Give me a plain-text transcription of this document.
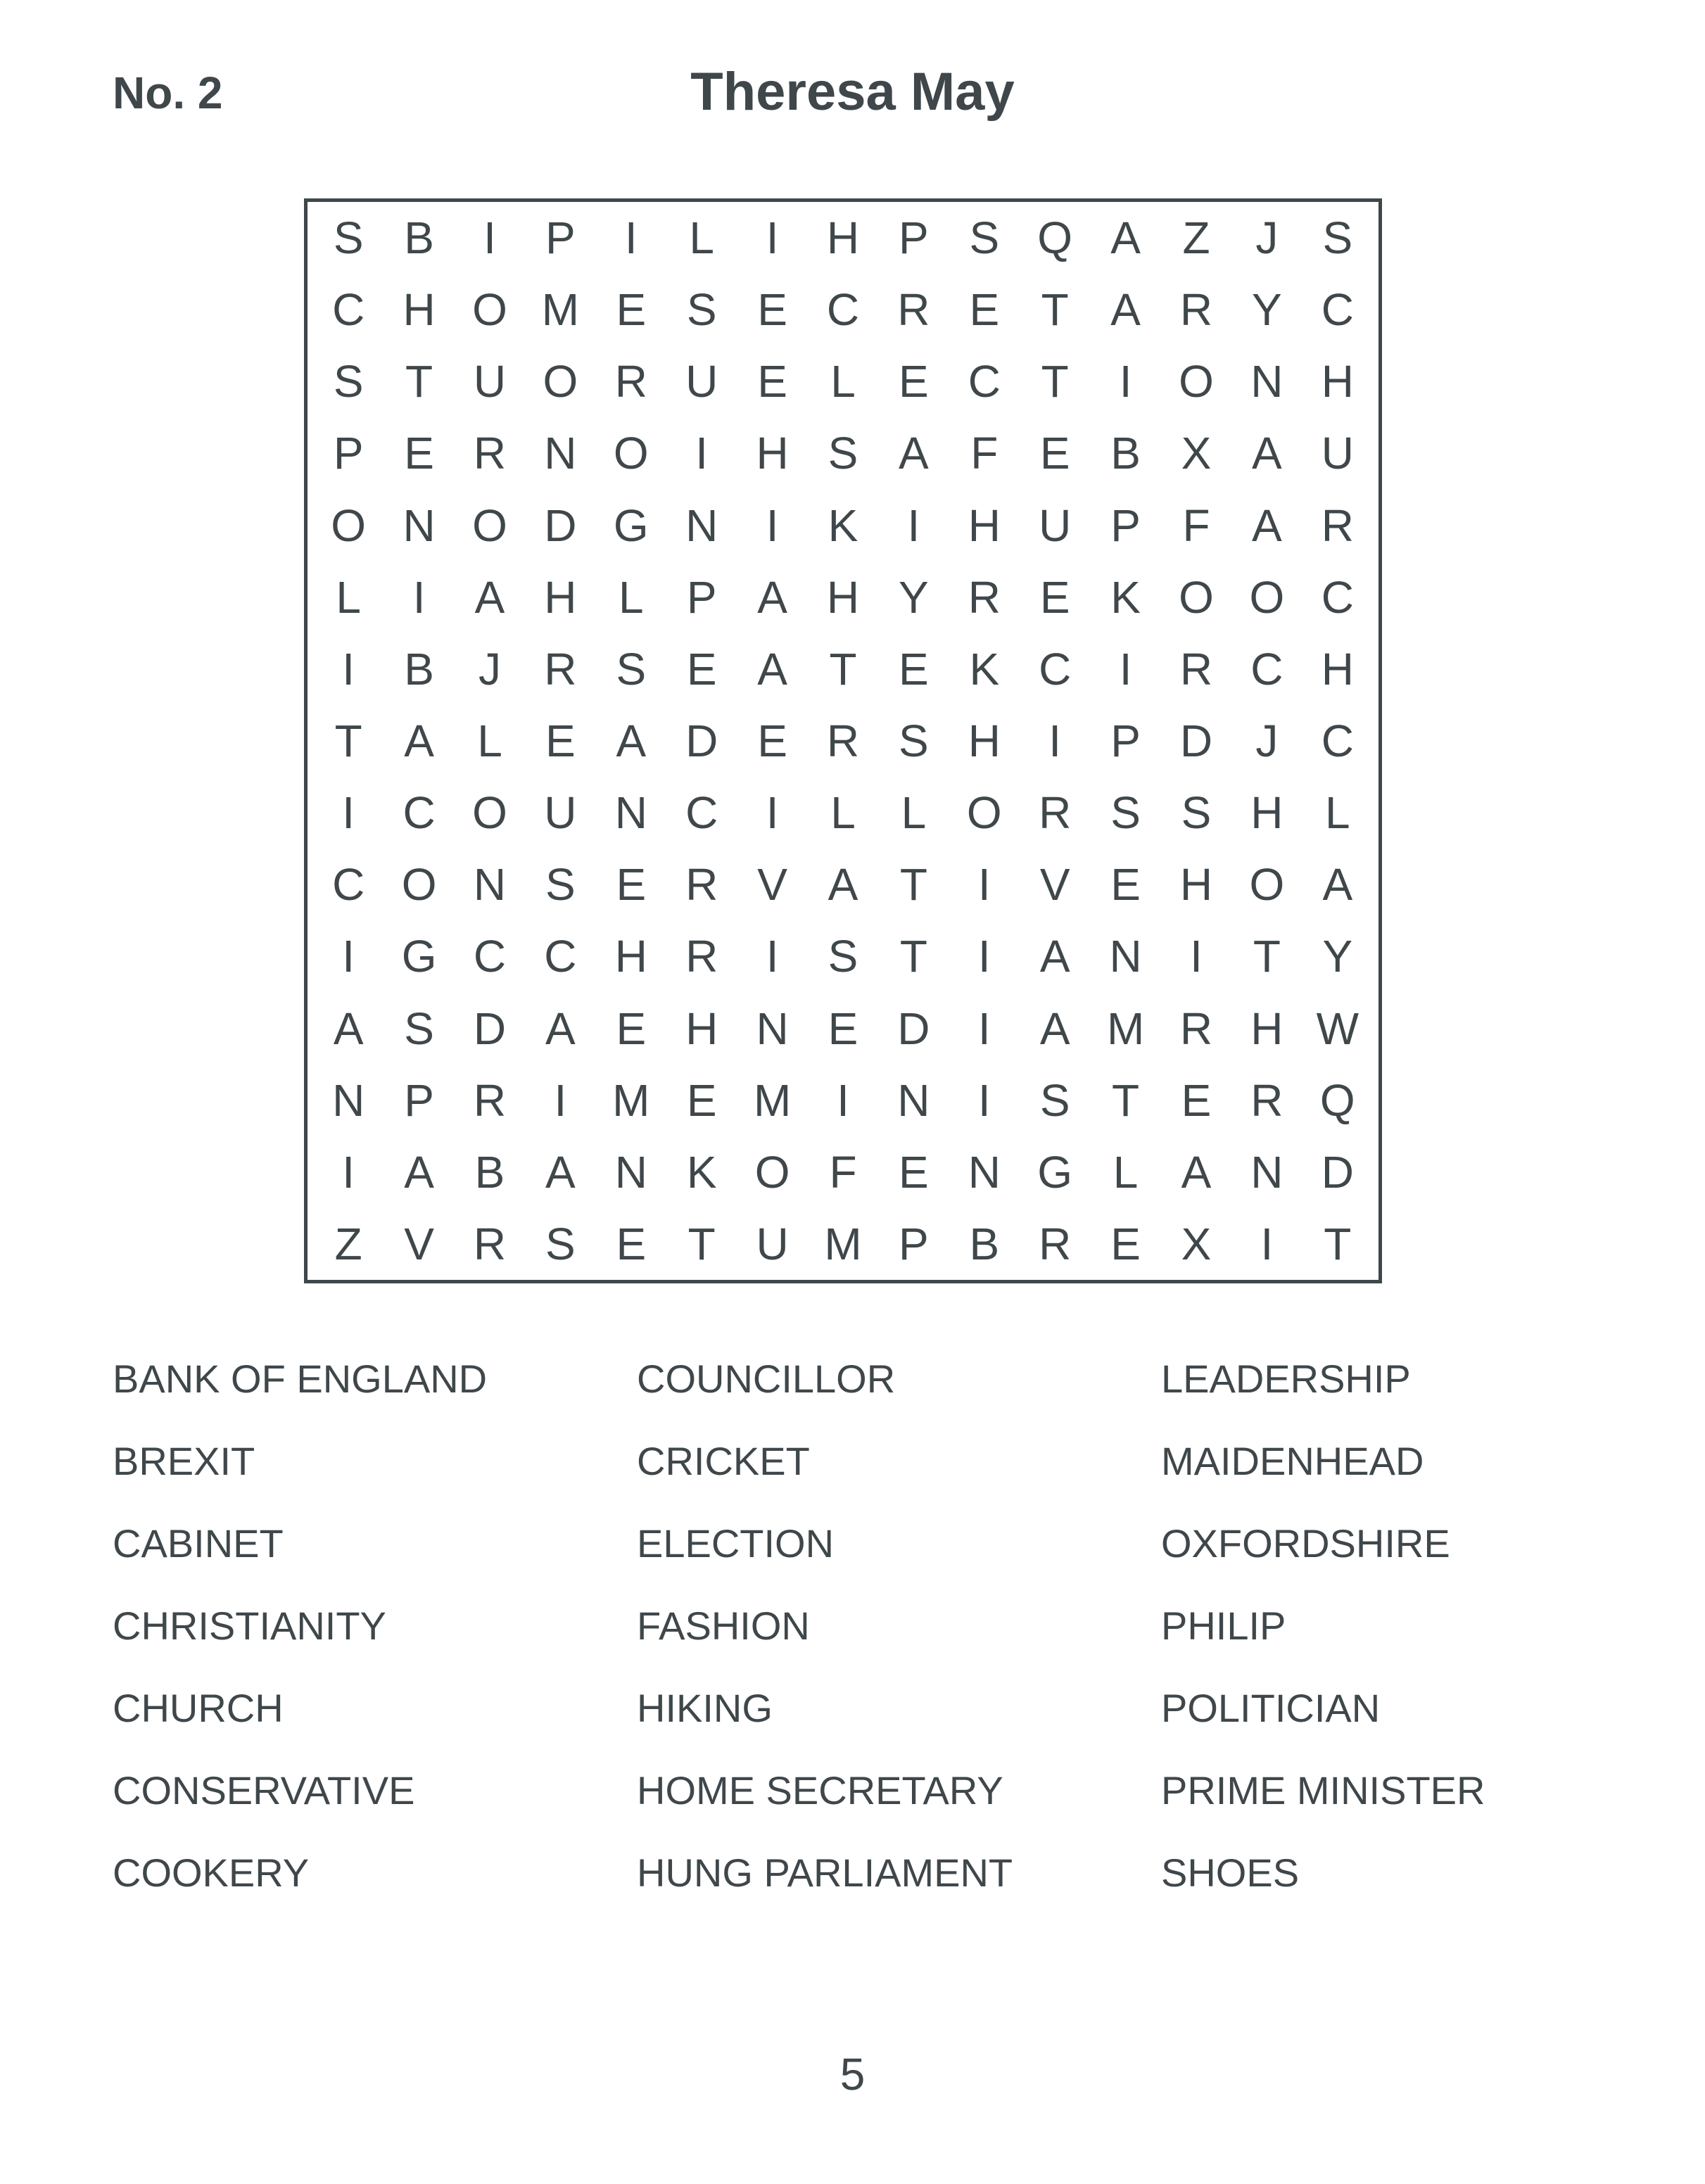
No. 2	Theresa May
S B	I	P	I	L	I	H P S Q A Z	J S
C H O M E S E C R E T A R Y C
S T U O R U E L E C T	I	O N H
P E R N O	I	H S A F E B X A U
O N O D G N	I	K	I	H U P F A R
L	I	A H L P A H Y R E K O O C
I	B J R S E A T E K C	I	R C H
T A L E A D E R S H	I	P D J C
I	C O U N C	I	L	L O R S S H L
C O N S E R V A T	I	V E H O A
I	G C C H R	I	S T	I	A N	I	T Y
A S D A E H N E D	I	A M R H W
N P R	I	M E M	I	N	I	S T E R Q
I	A B A N K O F E N G L A N D
Z V R S E T U M P B R E X	I	T
BANK OF ENGLAND
BREXIT
CABINET
CHRISTIANITY
CHURCH
CONSERVATIVE
COOKERY
COUNCILLOR
CRICKET
ELECTION
FASHION
HIKING
HOME SECRETARY
HUNG PARLIAMENT
LEADERSHIP
MAIDENHEAD
OXFORDSHIRE
PHILIP
POLITICIAN
PRIME MINISTER
SHOES
5
